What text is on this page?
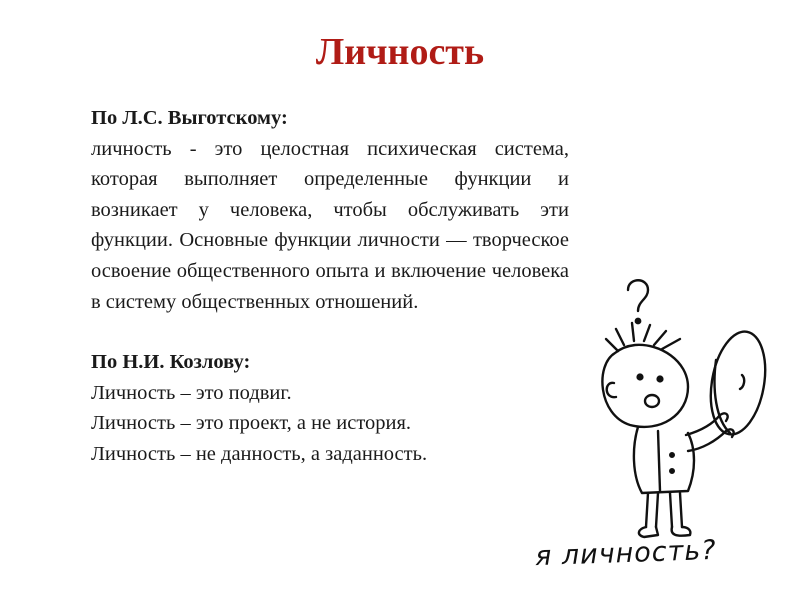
Личность
По Л.С. Выготскому:
личность - это целостная психическая система, которая выполняет определенные функции и возникает у человека, чтобы обслуживать эти функции. Основные функции личности — творческое освоение общественного опыта и включение человека в систему общественных отношений.
По Н.И. Козлову:
Личность – это подвиг.
Личность – это проект, а не история.
Личность – не данность, а заданность.
я личность?
